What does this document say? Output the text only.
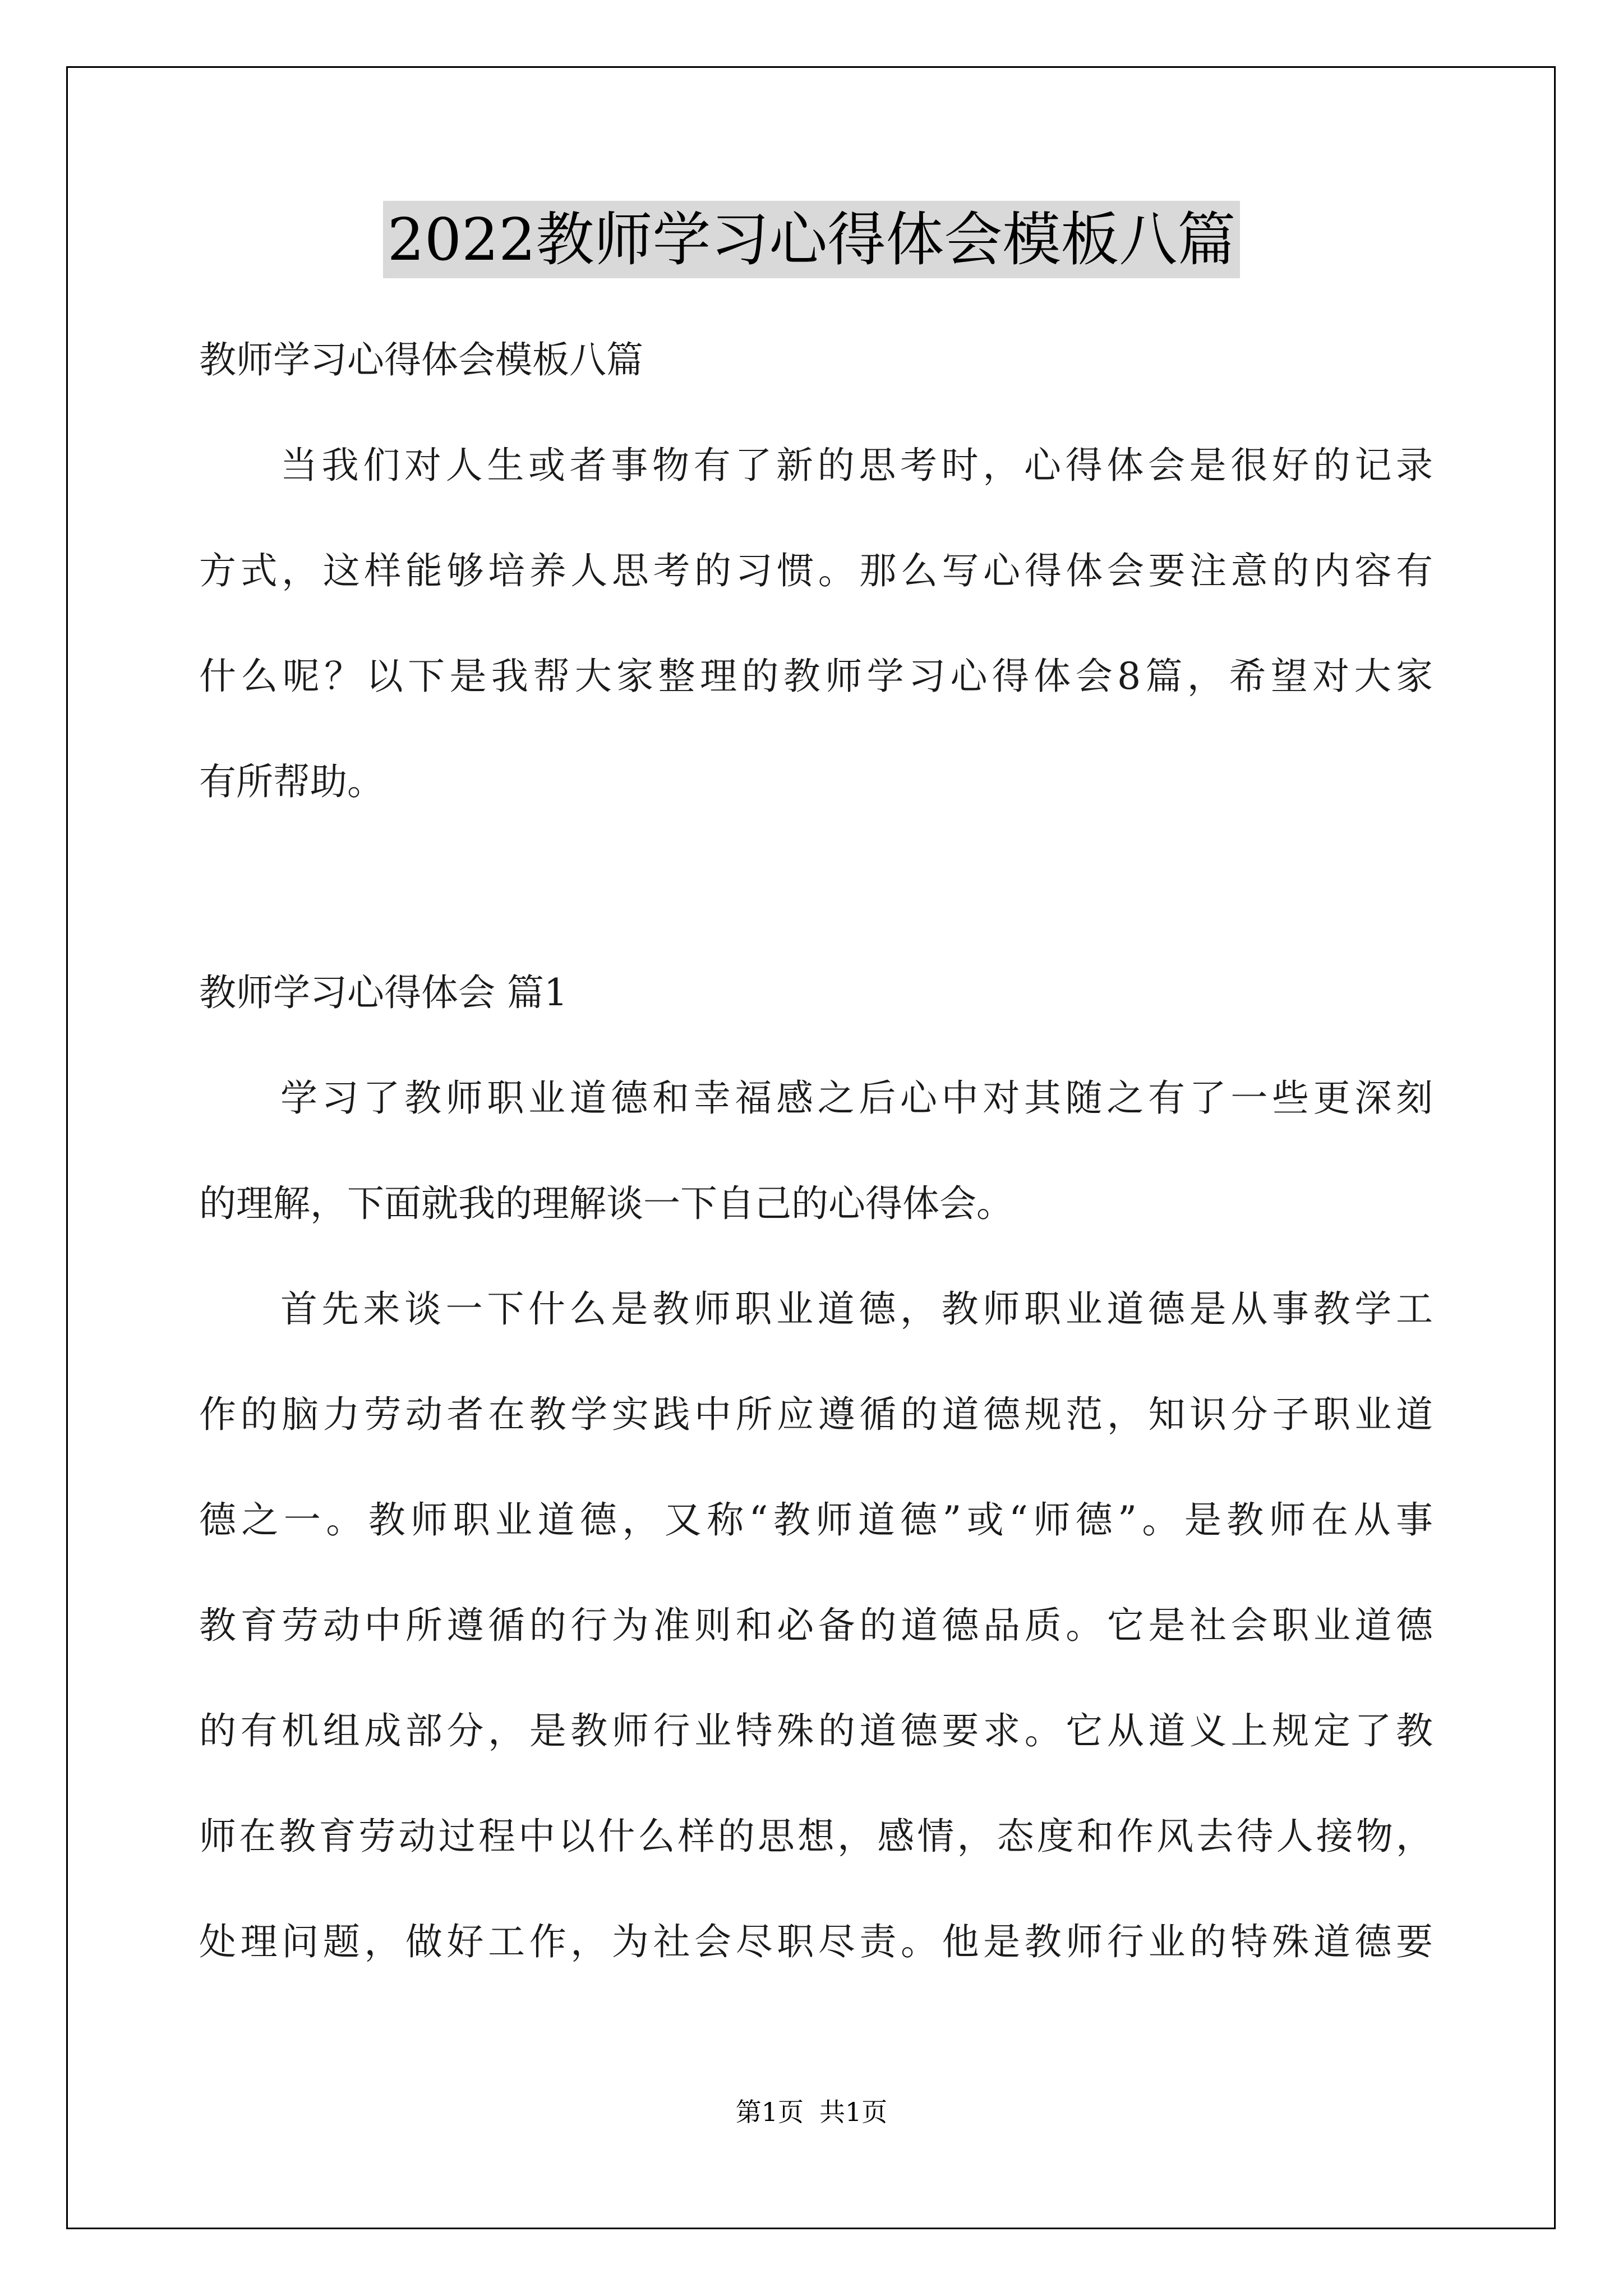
2022教师学习心得体会模板八篇
教师学习心得体会模板八篇
当我们对人生或者事物有了新的思考时，心得体会是很好的记录
方式，这样能够培养人思考的习惯。那么写心得体会要注意的内容有
什么呢？以下是我帮大家整理的教师学习心得体会8篇，希望对大家
有所帮助。
教师学习心得体会 篇1
学习了教师职业道德和幸福感之后心中对其随之有了一些更深刻
的理解，下面就我的理解谈一下自己的心得体会。
首先来谈一下什么是教师职业道德，教师职业道德是从事教学工
作的脑力劳动者在教学实践中所应遵循的道德规范，知识分子职业道
德之一。教师职业道德，又称“教师道德”或“师德”。是教师在从事
教育劳动中所遵循的行为准则和必备的道德品质。它是社会职业道德
的有机组成部分，是教师行业特殊的道德要求。它从道义上规定了教
师在教育劳动过程中以什么样的思想，感情，态度和作风去待人接物，
处理问题，做好工作，为社会尽职尽责。他是教师行业的特殊道德要
第1页 共1页
